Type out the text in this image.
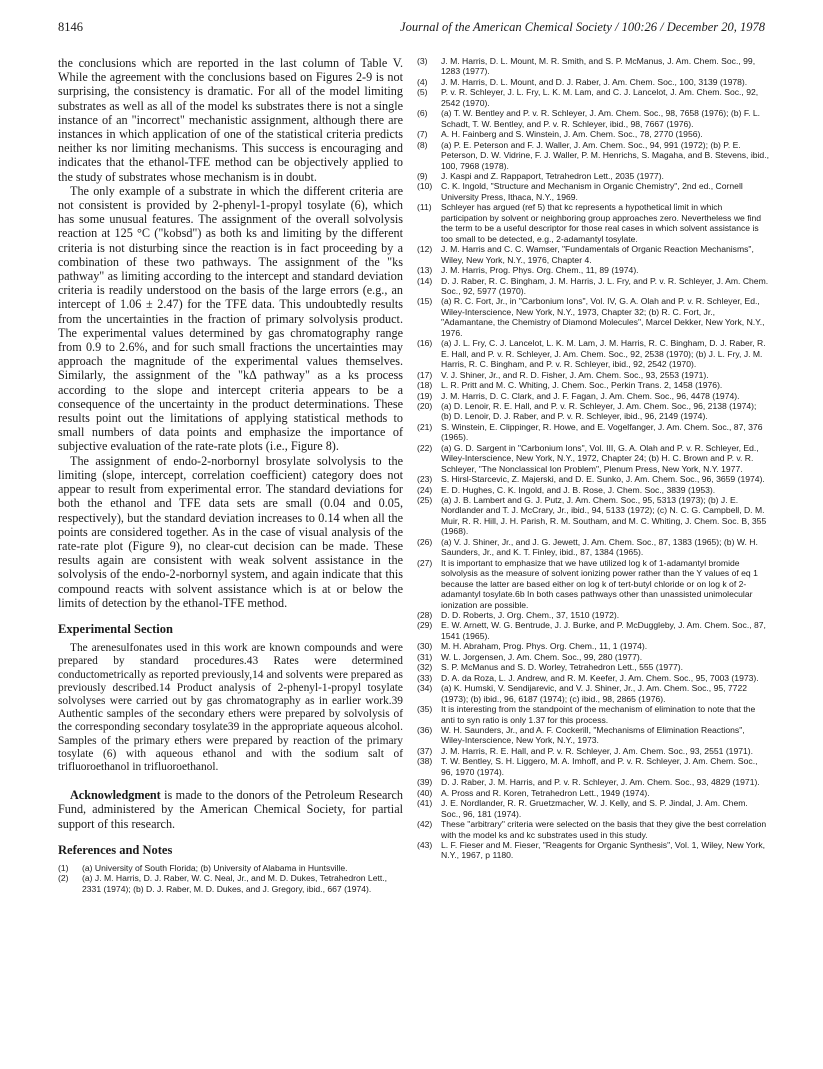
8146	Journal of the American Chemical Society / 100:26 / December 20, 1978

the conclusions which are reported in the last column of Table V. While the agreement with the conclusions based on Figures 2-9 is not surprising, the consistency is dramatic. For all of the model limiting substrates as well as all of the model ks substrates there is not a single instance of an "incorrect" mechanistic assignment, although there are instances in which application of one of the statistical criteria predicts neither ks nor limiting mechanisms. This success is encouraging and indicates that the ethanol-TFE method can be objectively applied to the study of substrates whose mechanism is in doubt.

The only example of a substrate in which the different criteria are not consistent is provided by 2-phenyl-1-propyl tosylate (6), which has some unusual features. The assignment of the overall solvolysis reaction at 125 °C ("kobsd") as both ks and limiting by the different criteria is not disturbing since the reaction is in fact proceeding by a combination of these two pathways. The assignment of the "ks pathway" as limiting according to the intercept and standard deviation criteria is readily understood on the basis of the large errors (e.g., an intercept of 1.06 ± 2.47) for the TFE data. This undoubtedly results from the uncertainties in the fraction of primary solvolysis product. The experimental values determined by gas chromatography range from 0.9 to 2.6%, and for such small fractions the uncertainties may approach the magnitude of the experimental values themselves. Similarly, the assignment of the "kΔ pathway" as a ks process according to the slope and intercept criteria appears to be a consequence of the uncertainty in the product determinations. These results point out the limitations of applying statistical methods to small numbers of data points and emphasize the importance of subjective evaluation of the rate-rate plots (i.e., Figure 8).

The assignment of endo-2-norbornyl brosylate solvolysis to the limiting (slope, intercept, correlation coefficient) category does not appear to result from experimental error. The standard deviations for both the ethanol and TFE data sets are small (0.04 and 0.05, respectively), but the standard deviation increases to 0.14 when all the points are considered together. As in the case of visual analysis of the rate-rate plot (Figure 9), no clear-cut decision can be made. These results again are consistent with weak solvent assistance in the solvolysis of the endo-2-norbornyl system, and again indicate that this compound reacts with solvent assistance which is at or below the limits of detection by the ethanol-TFE method.

Experimental Section

The arenesulfonates used in this work are known compounds and were prepared by standard procedures.43 Rates were determined conductometrically as reported previously,14 and solvents were prepared as previously described.14 Product analysis of 2-phenyl-1-propyl tosylate solvolyses were carried out by gas chromatography as in earlier work.39 Authentic samples of the secondary ethers were prepared by solvolysis of the corresponding secondary tosylate39 in the appropriate aqueous alcohol. Samples of the primary ethers were prepared by reaction of the primary tosylate (6) with aqueous ethanol and with the sodium salt of trifluoroethanol in trifluoroethanol.

Acknowledgment is made to the donors of the Petroleum Research Fund, administered by the American Chemical Society, for partial support of this research.

References and Notes
(1)	(a) University of South Florida; (b) University of Alabama in Huntsville.
(2)	(a) J. M. Harris, D. J. Raber, W. C. Neal, Jr., and M. D. Dukes, Tetrahedron Lett., 2331 (1974); (b) D. J. Raber, M. D. Dukes, and J. Gregory, ibid., 667 (1974).
(3)	J. M. Harris, D. L. Mount, M. R. Smith, and S. P. McManus, J. Am. Chem. Soc., 99, 1283 (1977).
(4)	J. M. Harris, D. L. Mount, and D. J. Raber, J. Am. Chem. Soc., 100, 3139 (1978).
(5)	P. v. R. Schleyer, J. L. Fry, L. K. M. Lam, and C. J. Lancelot, J. Am. Chem. Soc., 92, 2542 (1970).
(6)	(a) T. W. Bentley and P. v. R. Schleyer, J. Am. Chem. Soc., 98, 7658 (1976); (b) F. L. Schadt, T. W. Bentley, and P. v. R. Schleyer, ibid., 98, 7667 (1976).
(7)	A. H. Fainberg and S. Winstein, J. Am. Chem. Soc., 78, 2770 (1956).
(8)	(a) P. E. Peterson and F. J. Waller, J. Am. Chem. Soc., 94, 991 (1972); (b) P. E. Peterson, D. W. Vidrine, F. J. Waller, P. M. Henrichs, S. Magaha, and B. Stevens, ibid., 100, 7968 (1978).
(9)	J. Kaspi and Z. Rappaport, Tetrahedron Lett., 2035 (1977).
(10)	C. K. Ingold, "Structure and Mechanism in Organic Chemistry", 2nd ed., Cornell University Press, Ithaca, N.Y., 1969.
(11)	Schleyer has argued (ref 5) that kc represents a hypothetical limit in which participation by solvent or neighboring group approaches zero. Nevertheless we find the term to be a useful descriptor for those real cases in which solvent assistance is too small to be detected, e.g., 2-adamantyl tosylate.
(12)	J. M. Harris and C. C. Wamser, "Fundamentals of Organic Reaction Mechanisms", Wiley, New York, N.Y., 1976, Chapter 4.
(13)	J. M. Harris, Prog. Phys. Org. Chem., 11, 89 (1974).
(14)	D. J. Raber, R. C. Bingham, J. M. Harris, J. L. Fry, and P. v. R. Schleyer, J. Am. Chem. Soc., 92, 5977 (1970).
(15)	(a) R. C. Fort, Jr., in "Carbonium Ions", Vol. IV, G. A. Olah and P. v. R. Schleyer, Ed., Wiley-Interscience, New York, N.Y., 1973, Chapter 32; (b) R. C. Fort, Jr., "Adamantane, the Chemistry of Diamond Molecules", Marcel Dekker, New York, N.Y., 1976.
(16)	(a) J. L. Fry, C. J. Lancelot, L. K. M. Lam, J. M. Harris, R. C. Bingham, D. J. Raber, R. E. Hall, and P. v. R. Schleyer, J. Am. Chem. Soc., 92, 2538 (1970); (b) J. L. Fry, J. M. Harris, R. C. Bingham, and P. v. R. Schleyer, ibid., 92, 2542 (1970).
(17)	V. J. Shiner, Jr., and R. D. Fisher, J. Am. Chem. Soc., 93, 2553 (1971).
(18)	L. R. Pritt and M. C. Whiting, J. Chem. Soc., Perkin Trans. 2, 1458 (1976).
(19)	J. M. Harris, D. C. Clark, and J. F. Fagan, J. Am. Chem. Soc., 96, 4478 (1974).
(20)	(a) D. Lenoir, R. E. Hall, and P. v. R. Schleyer, J. Am. Chem. Soc., 96, 2138 (1974); (b) D. Lenoir, D. J. Raber, and P. v. R. Schleyer, ibid., 96, 2149 (1974).
(21)	S. Winstein, E. Clippinger, R. Howe, and E. Vogelfanger, J. Am. Chem. Soc., 87, 376 (1965).
(22)	(a) G. D. Sargent in "Carbonium Ions", Vol. III, G. A. Olah and P. v. R. Schleyer, Ed., Wiley-Interscience, New York, N.Y., 1972, Chapter 24; (b) H. C. Brown and P. v. R. Schleyer, "The Nonclassical Ion Problem", Plenum Press, New York, N.Y. 1977.
(23)	S. Hirsl-Starcevic, Z. Majerski, and D. E. Sunko, J. Am. Chem. Soc., 96, 3659 (1974).
(24)	E. D. Hughes, C. K. Ingold, and J. B. Rose, J. Chem. Soc., 3839 (1953).
(25)	(a) J. B. Lambert and G. J. Putz, J. Am. Chem. Soc., 95, 5313 (1973); (b) J. E. Nordlander and T. J. McCrary, Jr., ibid., 94, 5133 (1972); (c) N. C. G. Campbell, D. M. Muir, R. R. Hill, J. H. Parish, R. M. Southam, and M. C. Whiting, J. Chem. Soc. B, 355 (1968).
(26)	(a) V. J. Shiner, Jr., and J. G. Jewett, J. Am. Chem. Soc., 87, 1383 (1965); (b) W. H. Saunders, Jr., and K. T. Finley, ibid., 87, 1384 (1965).
(27)	It is important to emphasize that we have utilized log k of 1-adamantyl bromide solvolysis as the measure of solvent ionizing power rather than the Y values of eq 1 because the latter are based either on log k of tert-butyl chloride or on log k of 2-adamantyl tosylate.6b In both cases pathways other than unassisted unimolecular ionization are possible.
(28)	D. D. Roberts, J. Org. Chem., 37, 1510 (1972).
(29)	E. W. Arnett, W. G. Bentrude, J. J. Burke, and P. McDuggleby, J. Am. Chem. Soc., 87, 1541 (1965).
(30)	M. H. Abraham, Prog. Phys. Org. Chem., 11, 1 (1974).
(31)	W. L. Jorgensen, J. Am. Chem. Soc., 99, 280 (1977).
(32)	S. P. McManus and S. D. Worley, Tetrahedron Lett., 555 (1977).
(33)	D. A. da Roza, L. J. Andrew, and R. M. Keefer, J. Am. Chem. Soc., 95, 7003 (1973).
(34)	(a) K. Humski, V. Sendijarevic, and V. J. Shiner, Jr., J. Am. Chem. Soc., 95, 7722 (1973); (b) ibid., 96, 6187 (1974); (c) ibid., 98, 2865 (1976).
(35)	It is interesting from the standpoint of the mechanism of elimination to note that the anti to syn ratio is only 1.37 for this process.
(36)	W. H. Saunders, Jr., and A. F. Cockerill, "Mechanisms of Elimination Reactions", Wiley-Interscience, New York, N.Y., 1973.
(37)	J. M. Harris, R. E. Hall, and P. v. R. Schleyer, J. Am. Chem. Soc., 93, 2551 (1971).
(38)	T. W. Bentley, S. H. Liggero, M. A. Imhoff, and P. v. R. Schleyer, J. Am. Chem. Soc., 96, 1970 (1974).
(39)	D. J. Raber, J. M. Harris, and P. v. R. Schleyer, J. Am. Chem. Soc., 93, 4829 (1971).
(40)	A. Pross and R. Koren, Tetrahedron Lett., 1949 (1974).
(41)	J. E. Nordlander, R. R. Gruetzmacher, W. J. Kelly, and S. P. Jindal, J. Am. Chem. Soc., 96, 181 (1974).
(42)	These "arbitrary" criteria were selected on the basis that they give the best correlation with the model ks and kc substrates used in this study.
(43)	L. F. Fieser and M. Fieser, "Reagents for Organic Synthesis", Vol. 1, Wiley, New York, N.Y., 1967, p 1180.
